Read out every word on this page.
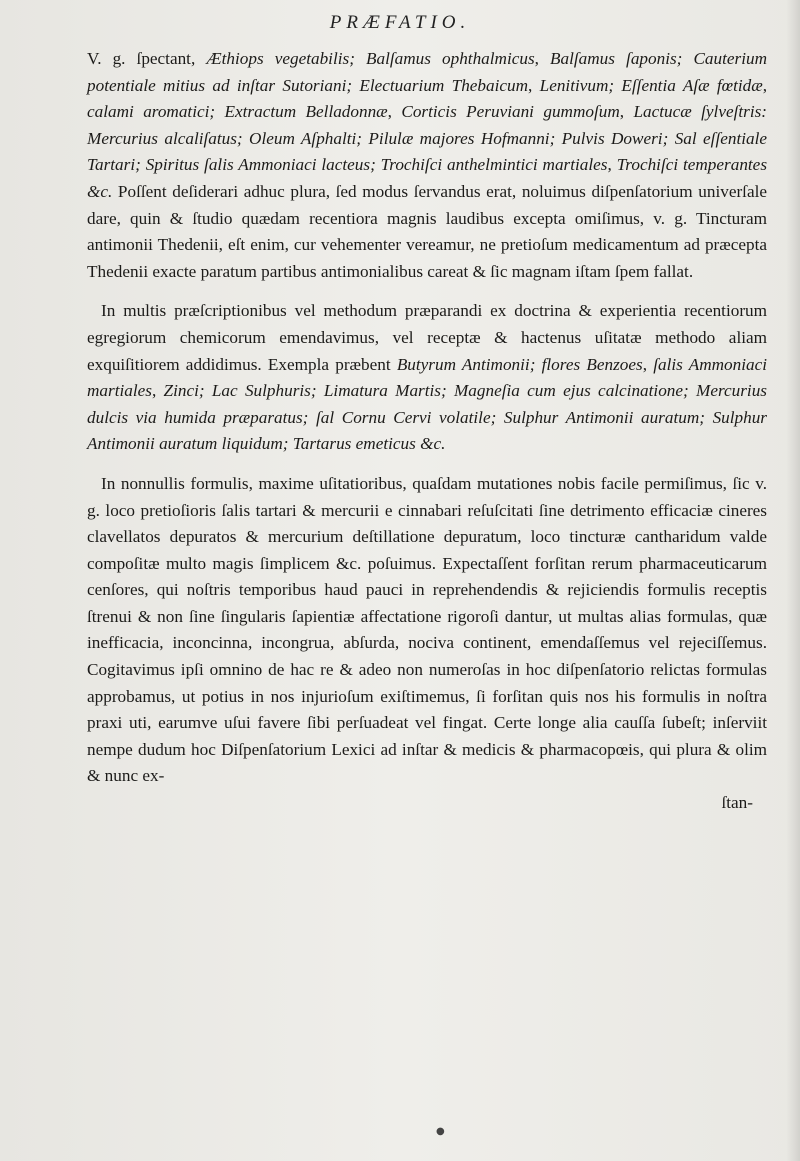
PRÆFATIO.

V. g. ſpectant, Æthiops vegetabilis; Balſamus ophthalmicus, Balſamus ſaponis; Cauterium potentiale mitius ad inſtar Sutoriani; Electuarium Thebaicum, Lenitivum; Eſſentia Aſæ fœtidæ, calami aromatici; Extractum Belladonnæ, Corticis Peruviani gummoſum, Lactucæ ſylveſtris: Mercurius alcaliſatus; Oleum Aſphalti; Pilulæ majores Hofmanni; Pulvis Doweri; Sal eſſentiale Tartari; Spiritus ſalis Ammoniaci lacteus; Trochiſci anthelmintici martiales, Trochiſci temperantes &c. Poſſent deſiderari adhuc plura, ſed modus ſervandus erat, noluimus diſpenſatorium univerſale dare, quin & ſtudio quædam recentiora magnis laudibus excepta omiſimus, v. g. Tincturam antimonii Thedenii, eſt enim, cur vehementer vereamur, ne pretioſum medicamentum ad præcepta Thedenii exacte paratum partibus antimonialibus careat & ſic magnam iſtam ſpem fallat.

In multis præſcriptionibus vel methodum præparandi ex doctrina & experientia recentiorum egregiorum chemicorum emendavimus, vel receptæ & hactenus uſitatæ methodo aliam exquiſitiorem addidimus. Exempla præbent Butyrum Antimonii; flores Benzoes, ſalis Ammoniaci martiales, Zinci; Lac Sulphuris; Limatura Martis; Magneſia cum ejus calcinatione; Mercurius dulcis via humida præparatus; ſal Cornu Cervi volatile; Sulphur Antimonii auratum; Sulphur Antimonii auratum liquidum; Tartarus emeticus &c.

In nonnullis formulis, maxime uſitatioribus, quaſdam mutationes nobis facile permiſimus, ſic v. g. loco pretioſioris ſalis tartari & mercurii e cinnabari reſuſcitati ſine detrimento efficaciæ cineres clavellatos depuratos & mercurium deſtillatione depuratum, loco tincturæ cantharidum valde compoſitæ multo magis ſimplicem &c. poſuimus. Expectaſſent forſitan rerum pharmaceuticarum cenſores, qui noſtris temporibus haud pauci in reprehendendis & rejiciendis formulis receptis ſtrenui & non ſine ſingularis ſapientiæ affectatione rigoroſi dantur, ut multas alias formulas, quæ inefficacia, inconcinna, incongrua, abſurda, nociva continent, emendaſſemus vel rejeciſſemus. Cogitavimus ipſi omnino de hac re & adeo non numeroſas in hoc diſpenſatorio relictas formulas approbamus, ut potius in nos injurioſum exiſtimemus, ſi forſitan quis nos his formulis in noſtra praxi uti, earumve uſui favere ſibi perſuadeat vel fingat. Certe longe alia cauſſa ſubeſt; inſerviit nempe dudum hoc Diſpenſatorium Lexici ad inſtar & medicis & pharmacopœis, qui plura & olim & nunc ex-

ſtan-
●
